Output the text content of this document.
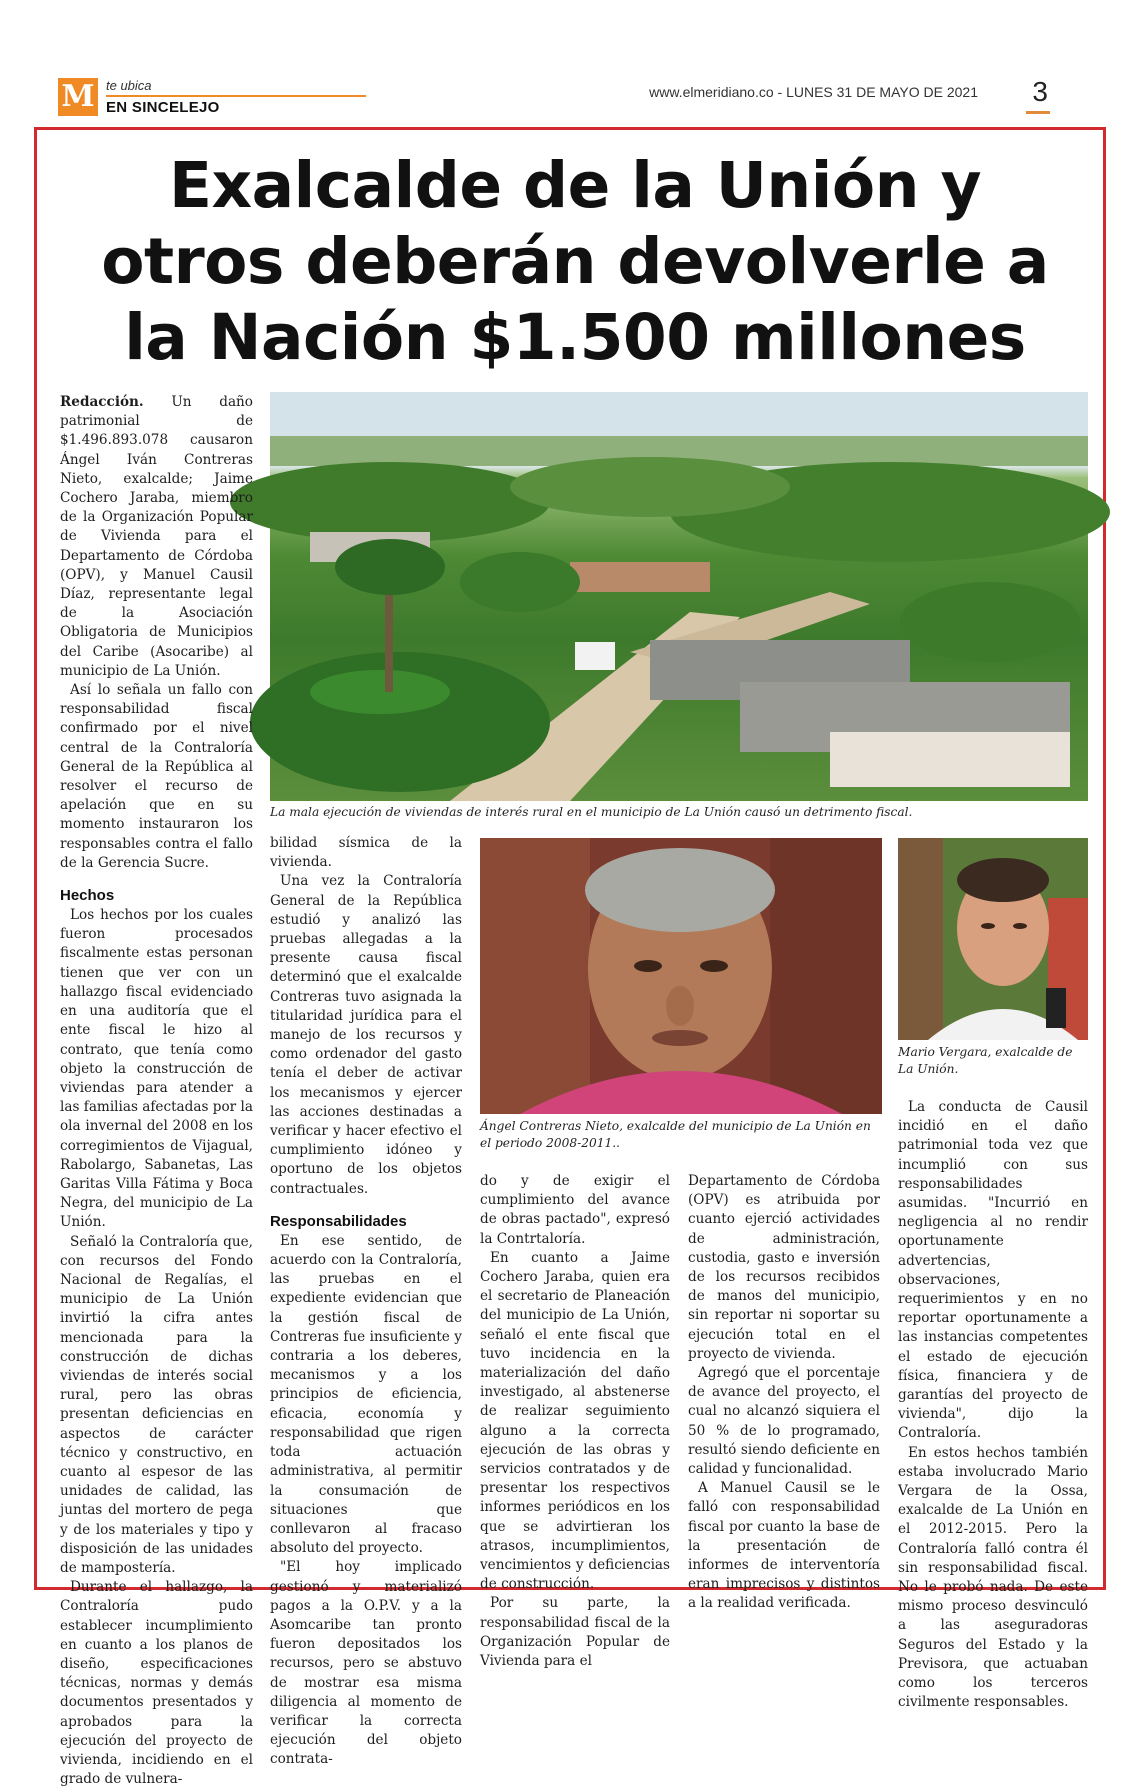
M te ubica
EN SINCELEJO
www.elmeridiano.co - LUNES 31 DE MAYO DE 2021 3
Exalcalde de la Unión y
otros deberán devolverle a
la Nación $1.500 millones
La mala ejecución de viviendas de interés rural en el municipio de La Unión causó un detrimento fiscal.

Redacción. Un daño patrimonial de $1.496.893.078 causaron Ángel Iván Contreras Nieto, exalcalde; Jaime Cochero Jaraba, miembro de la Organización Popular de Vivienda para el Departamento de Córdoba (OPV), y Manuel Causil Díaz, representante legal de la Asociación Obligatoria de Municipios del Caribe (Asocaribe) al municipio de La Unión.

Así lo señala un fallo con responsabilidad fiscal confirmado por el nivel central de la Contraloría General de la República al resolver el recurso de apelación que en su momento instauraron los responsables contra el fallo de la Gerencia Sucre.

Hechos

Los hechos por los cuales fueron procesados fiscalmente estas personan tienen que ver con un hallazgo fiscal evidenciado en una auditoría que el ente fiscal le hizo al contrato, que tenía como objeto la construcción de viviendas para atender a las familias afectadas por la ola invernal del 2008 en los corregimientos de Vijagual, Rabolargo, Sabanetas, Las Garitas Villa Fátima y Boca Negra, del municipio de La Unión.

Señaló la Contraloría que, con recursos del Fondo Nacional de Regalías, el municipio de La Unión invirtió la cifra antes mencionada para la construcción de dichas viviendas de interés social rural, pero las obras presentan deficiencias en aspectos de carácter técnico y constructivo, en cuanto al espesor de las unidades de calidad, las juntas del mortero de pega y de los materiales y tipo y disposición de las unidades de mampostería.

Durante el hallazgo, la Contraloría pudo establecer incumplimiento en cuanto a los planos de diseño, especificaciones técnicas, normas y demás documentos presentados y aprobados para la ejecución del proyecto de vivienda, incidiendo en el grado de vulnera-

bilidad sísmica de la vivienda.

Una vez la Contraloría General de la República estudió y analizó las pruebas allegadas a la presente causa fiscal determinó que el exalcalde Contreras tuvo asignada la titularidad jurídica para el manejo de los recursos y como ordenador del gasto tenía el deber de activar los mecanismos y ejercer las acciones destinadas a verificar y hacer efectivo el cumplimiento idóneo y oportuno de los objetos contractuales.

Responsabilidades

En ese sentido, de acuerdo con la Contraloría, las pruebas en el expediente evidencian que la gestión fiscal de Contreras fue insuficiente y contraria a los deberes, mecanismos y a los principios de eficiencia, eficacia, economía y responsabilidad que rigen toda actuación administrativa, al permitir la consumación de situaciones que conllevaron al fracaso absoluto del proyecto.

"El hoy implicado gestionó y materializó pagos a la O.P.V. y a la Asomcaribe tan pronto fueron depositados los recursos, pero se abstuvo de mostrar esa misma diligencia al momento de verificar la correcta ejecución del objeto contrata-

Ángel Contreras Nieto, exalcalde del municipio de La Unión en el periodo 2008-2011..
Mario Vergara, exalcalde de La Unión.

do y de exigir el cumplimiento del avance de obras pactado", expresó la Contrtaloría.

En cuanto a Jaime Cochero Jaraba, quien era el secretario de Planeación del municipio de La Unión, señaló el ente fiscal que tuvo incidencia en la materialización del daño investigado, al abstenerse de realizar seguimiento alguno a la correcta ejecución de las obras y servicios contratados y de presentar los respectivos informes periódicos en los que se advirtieran los atrasos, incumplimientos, vencimientos y deficiencias de construcción.

Por su parte, la responsabilidad fiscal de la Organización Popular de Vivienda para el

Departamento de Córdoba (OPV) es atribuida por cuanto ejerció actividades de administración, custodia, gasto e inversión de los recursos recibidos de manos del municipio, sin reportar ni soportar su ejecución total en el proyecto de vivienda.

Agregó que el porcentaje de avance del proyecto, el cual no alcanzó siquiera el 50 % de lo programado, resultó siendo deficiente en calidad y funcionalidad.

A Manuel Causil se le falló con responsabilidad fiscal por cuanto la base de la presentación de informes de interventoría eran imprecisos y distintos a la realidad verificada.

La conducta de Causil incidió en el daño patrimonial toda vez que incumplió con sus responsabilidades asumidas. "Incurrió en negligencia al no rendir oportunamente advertencias, observaciones, requerimientos y en no reportar oportunamente a las instancias competentes el estado de ejecución física, financiera y de garantías del proyecto de vivienda", dijo la Contraloría.

En estos hechos también estaba involucrado Mario Vergara de la Ossa, exalcalde de La Unión en el 2012-2015. Pero la Contraloría falló contra él sin responsabilidad fiscal. No le probó nada. De este mismo proceso desvinculó a las aseguradoras Seguros del Estado y la Previsora, que actuaban como los terceros civilmente responsables.
